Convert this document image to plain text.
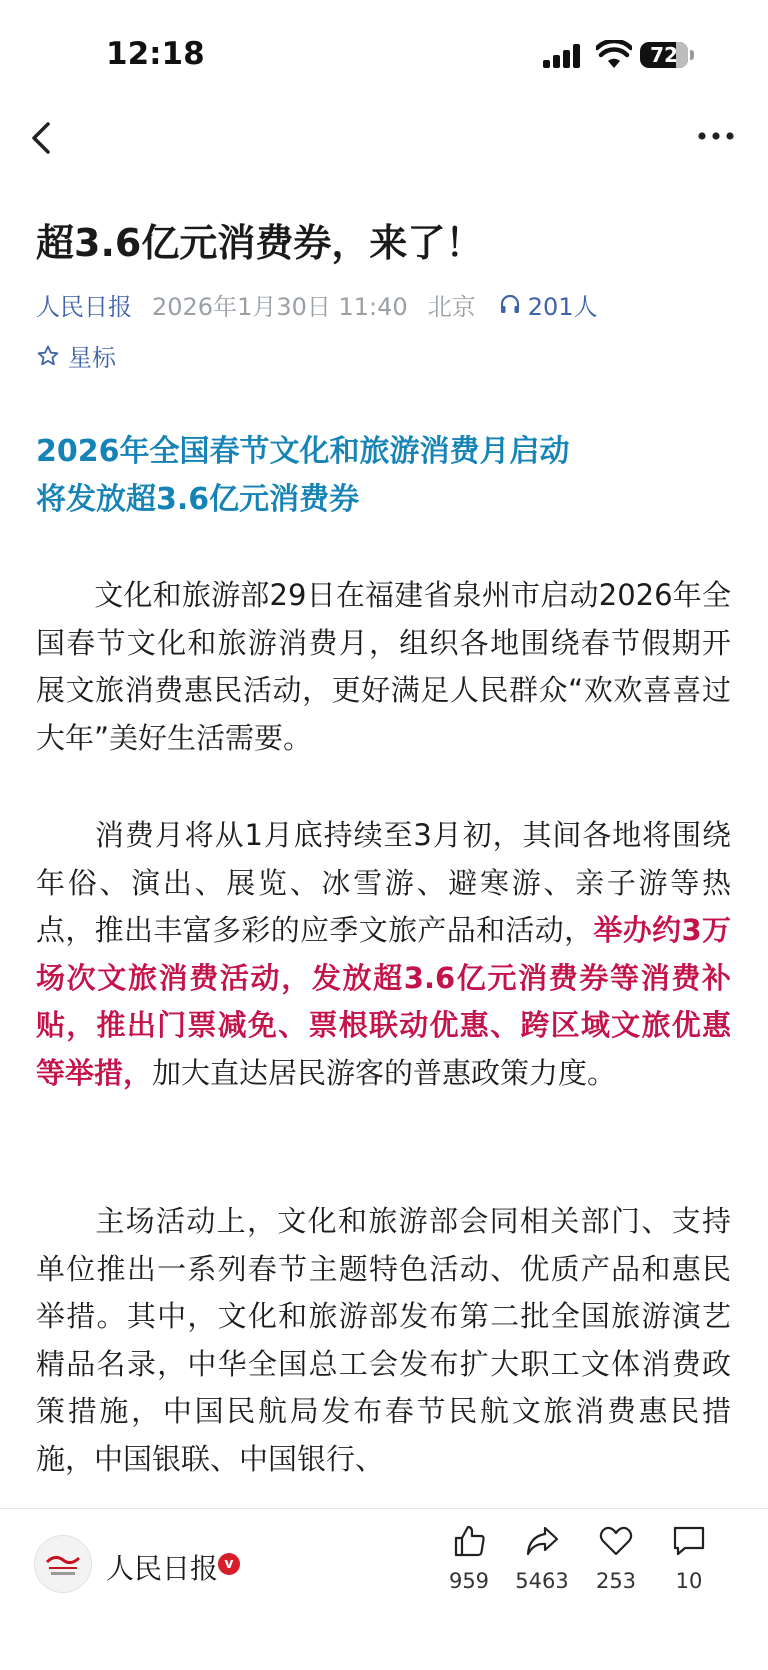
12:18	72
超3.6亿元消费券，来了！
人民日报 2026年1月30日 11:40 北京 201人
星标
2026年全国春节文化和旅游消费月启动
将发放超3.6亿元消费券
文化和旅游部29日在福建省泉州市启动2026年全国春节文化和旅游消费月，组织各地围绕春节假期开展文旅消费惠民活动，更好满足人民群众“欢欢喜喜过大年”美好生活需要。
消费月将从1月底持续至3月初，其间各地将围绕年俗、演出、展览、冰雪游、避寒游、亲子游等热点，推出丰富多彩的应季文旅产品和活动，举办约3万场次文旅消费活动，发放超3.6亿元消费券等消费补贴，推出门票减免、票根联动优惠、跨区域文旅优惠等举措，加大直达居民游客的普惠政策力度。
主场活动上，文化和旅游部会同相关部门、支持单位推出一系列春节主题特色活动、优质产品和惠民举措。其中，文化和旅游部发布第二批全国旅游演艺精品名录，中华全国总工会发布扩大职工文体消费政策措施，中国民航局发布春节民航文旅消费惠民措施，中国银联、中国银行、
人民日报 v
959	5463	253	10
